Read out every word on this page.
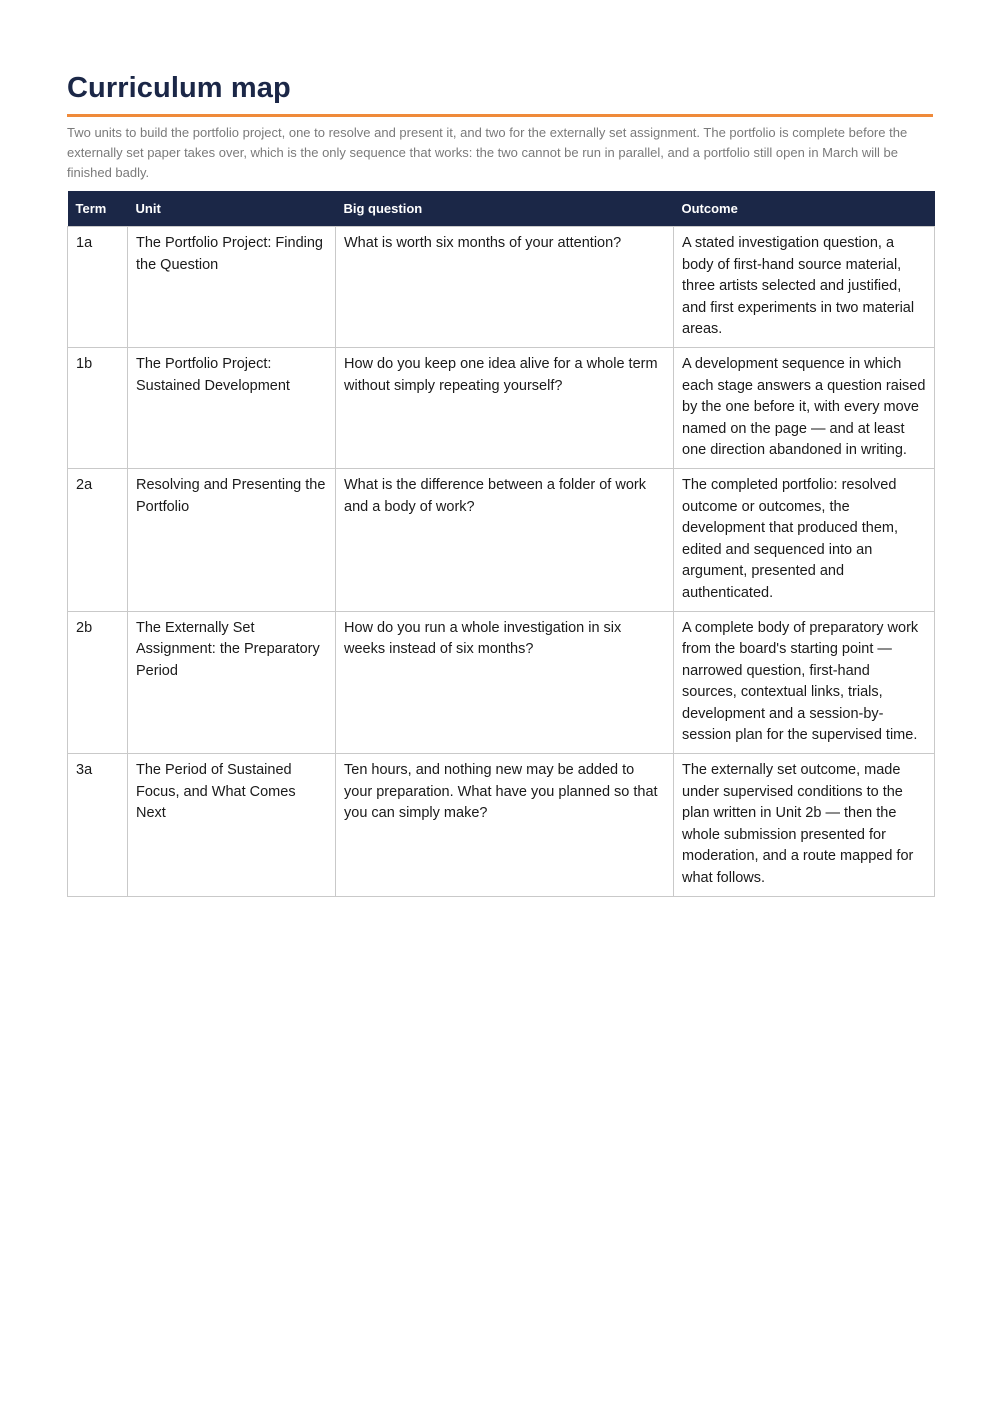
Curriculum map

Two units to build the portfolio project, one to resolve and present it, and two for the externally set assignment. The portfolio is complete before the externally set paper takes over, which is the only sequence that works: the two cannot be run in parallel, and a portfolio still open in March will be finished badly.

Term	Unit	Big question	Outcome
1a	The Portfolio Project: Finding the Question	What is worth six months of your attention?	A stated investigation question, a body of first-hand source material, three artists selected and justified, and first experiments in two material areas.
1b	The Portfolio Project: Sustained Development	How do you keep one idea alive for a whole term without simply repeating yourself?	A development sequence in which each stage answers a question raised by the one before it, with every move named on the page — and at least one direction abandoned in writing.
2a	Resolving and Presenting the Portfolio	What is the difference between a folder of work and a body of work?	The completed portfolio: resolved outcome or outcomes, the development that produced them, edited and sequenced into an argument, presented and authenticated.
2b	The Externally Set Assignment: the Preparatory Period	How do you run a whole investigation in six weeks instead of six months?	A complete body of preparatory work from the board's starting point — narrowed question, first-hand sources, contextual links, trials, development and a session-by-session plan for the supervised time.
3a	The Period of Sustained Focus, and What Comes Next	Ten hours, and nothing new may be added to your preparation. What have you planned so that you can simply make?	The externally set outcome, made under supervised conditions to the plan written in Unit 2b — then the whole submission presented for moderation, and a route mapped for what follows.
